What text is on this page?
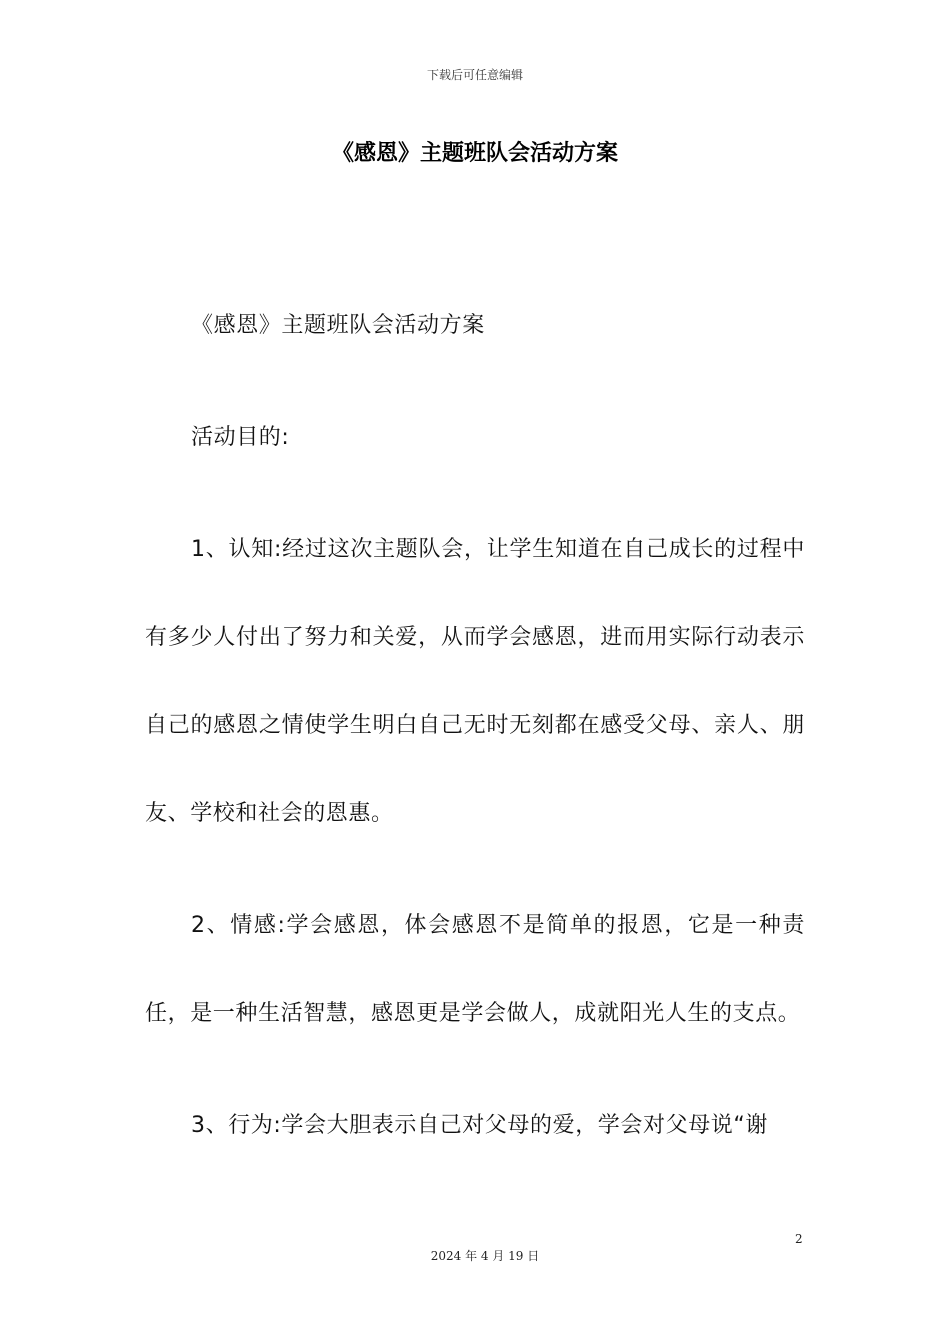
下载后可任意编辑
《感恩》主题班队会活动方案

《感恩》主题班队会活动方案

活动目的:

1、认知:经过这次主题队会，让学生知道在自己成长的过程中有多少人付出了努力和关爱，从而学会感恩，进而用实际行动表示自己的感恩之情使学生明白自己无时无刻都在感受父母、亲人、朋友、学校和社会的恩惠。

2、情感:学会感恩，体会感恩不是简单的报恩，它是一种责任，是一种生活智慧，感恩更是学会做人，成就阳光人生的支点。

3、行为:学会大胆表示自己对父母的爱，学会对父母说“谢

2
2024 年 4 月 19 日
